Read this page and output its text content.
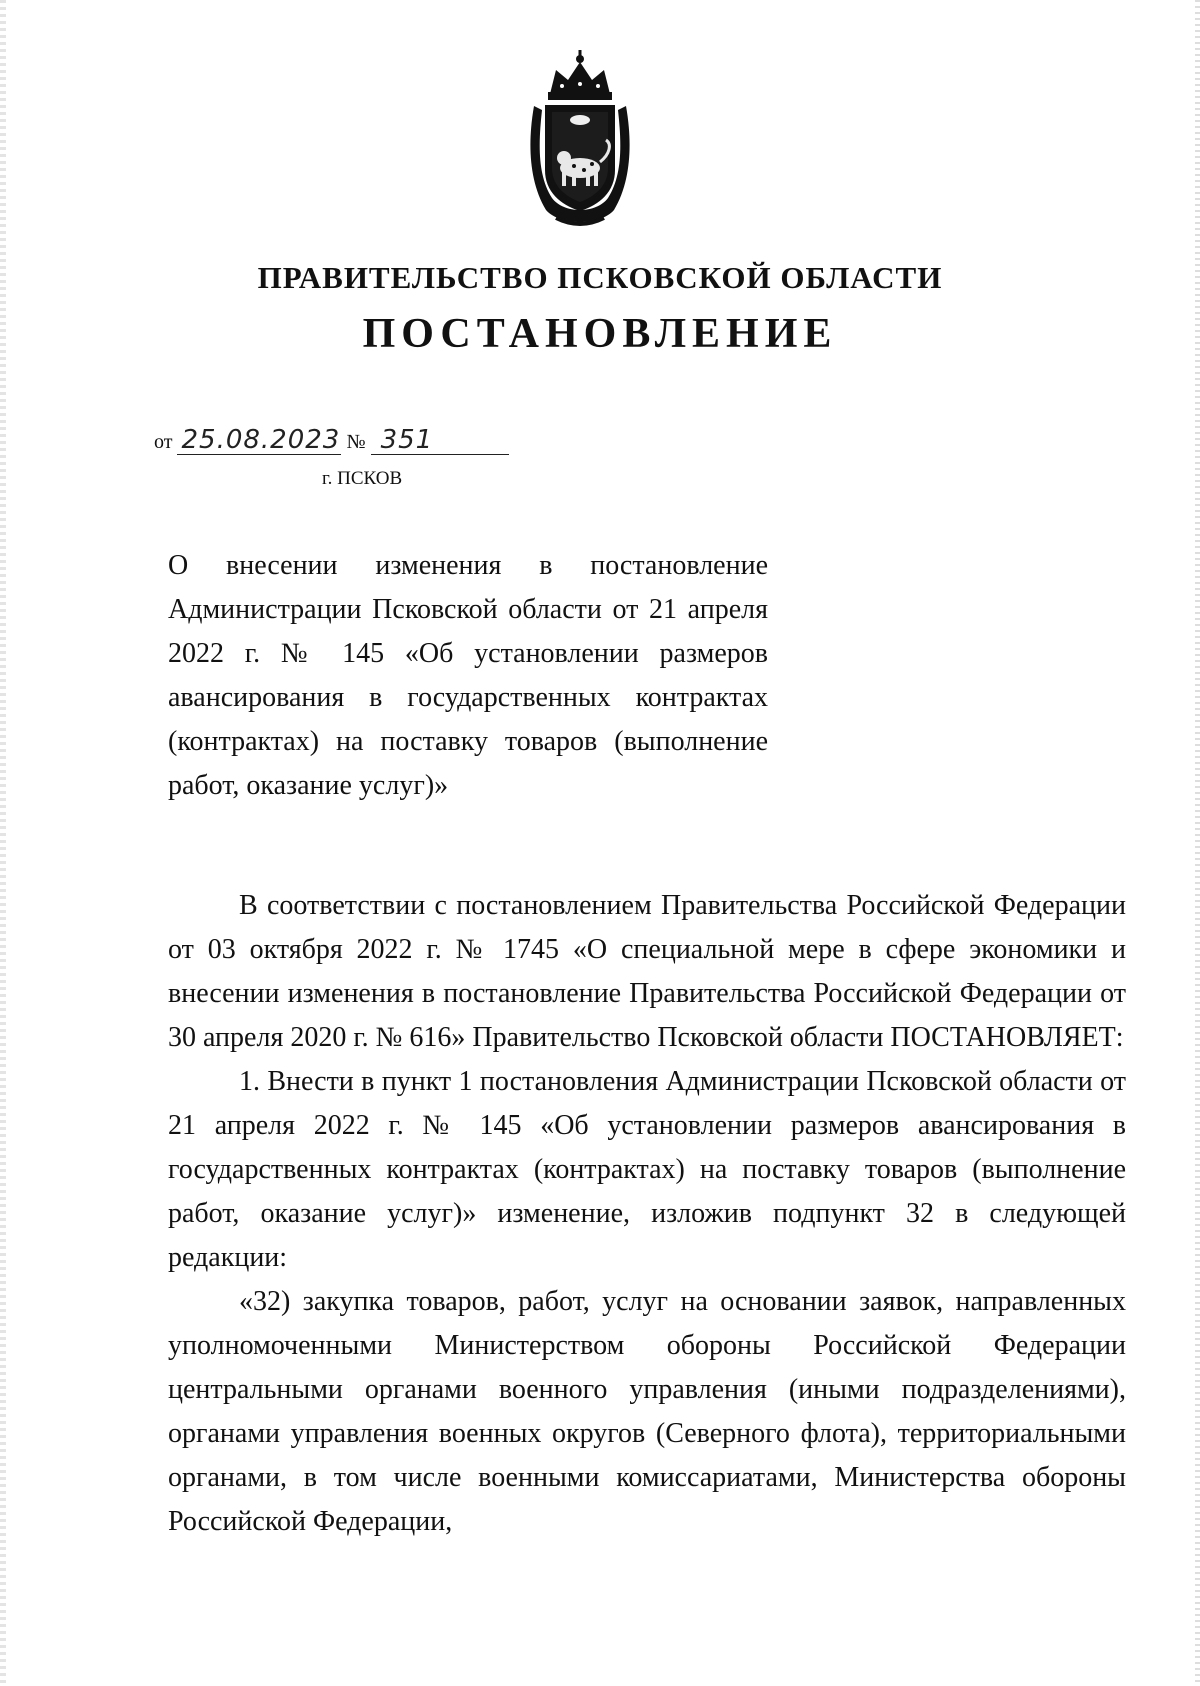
ПРАВИТЕЛЬСТВО ПСКОВСКОЙ ОБЛАСТИ
ПОСТАНОВЛЕНИЕ
от 25.08.2023 № 351
г. ПСКОВ
О внесении изменения в постановление Администрации Псковской области от 21 апреля 2022 г. № 145 «Об установлении размеров авансирования в государственных контрактах (контрактах) на поставку товаров (выполнение работ, оказание услуг)»

В соответствии с постановлением Правительства Российской Федерации от 03 октября 2022 г. № 1745 «О специальной мере в сфере экономики и внесении изменения в постановление Правительства Российской Федерации от 30 апреля 2020 г. № 616» Правительство Псковской области ПОСТАНОВЛЯЕТ:

1. Внести в пункт 1 постановления Администрации Псковской области от 21 апреля 2022 г. № 145 «Об установлении размеров авансирования в государственных контрактах (контрактах) на поставку товаров (выполнение работ, оказание услуг)» изменение, изложив подпункт 32 в следующей редакции:

«32) закупка товаров, работ, услуг на основании заявок, направленных уполномоченными Министерством обороны Российской Федерации центральными органами военного управления (иными подразделениями), органами управления военных округов (Северного флота), территориальными органами, в том числе военными комиссариатами, Министерства обороны Российской Федерации,
